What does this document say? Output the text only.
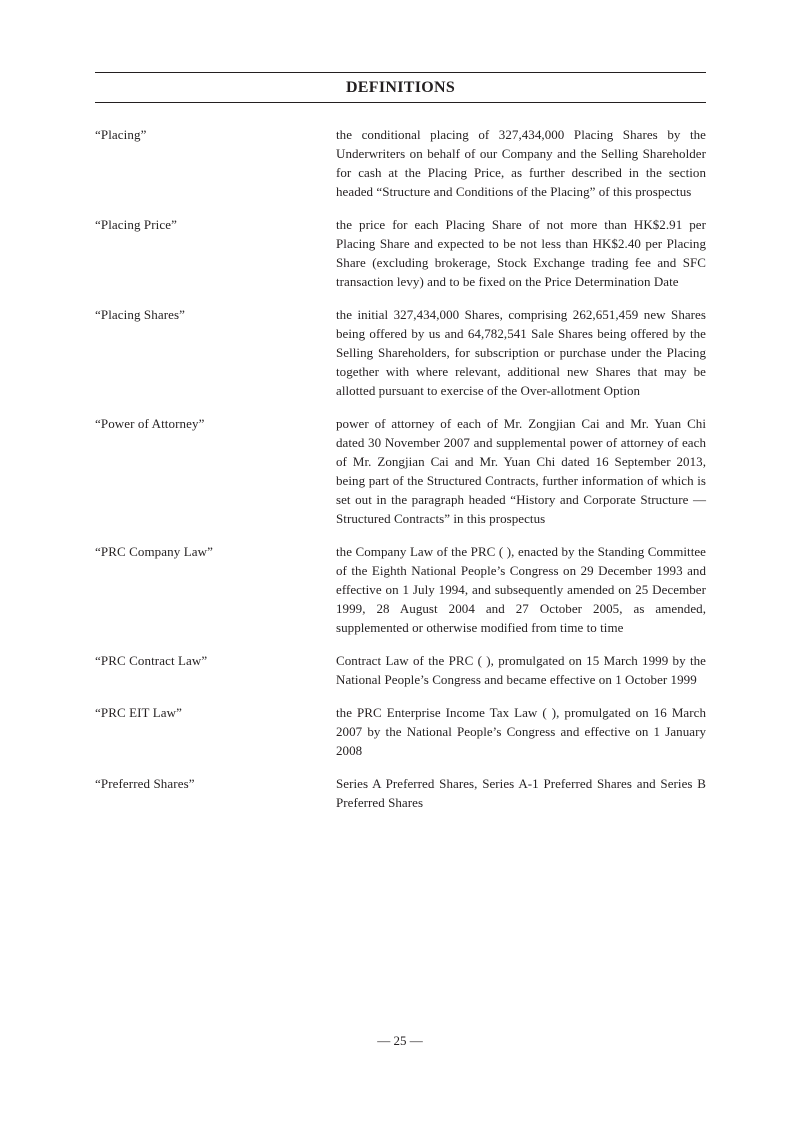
DEFINITIONS
“Placing”	the conditional placing of 327,434,000 Placing Shares by the Underwriters on behalf of our Company and the Selling Shareholder for cash at the Placing Price, as further described in the section headed “Structure and Conditions of the Placing” of this prospectus
“Placing Price”	the price for each Placing Share of not more than HK$2.91 per Placing Share and expected to be not less than HK$2.40 per Placing Share (excluding brokerage, Stock Exchange trading fee and SFC transaction levy) and to be fixed on the Price Determination Date
“Placing Shares”	the initial 327,434,000 Shares, comprising 262,651,459 new Shares being offered by us and 64,782,541 Sale Shares being offered by the Selling Shareholders, for subscription or purchase under the Placing together with where relevant, additional new Shares that may be allotted pursuant to exercise of the Over-allotment Option
“Power of Attorney”	power of attorney of each of Mr. Zongjian Cai and Mr. Yuan Chi dated 30 November 2007 and supplemental power of attorney of each of Mr. Zongjian Cai and Mr. Yuan Chi dated 16 September 2013, being part of the Structured Contracts, further information of which is set out in the paragraph headed “History and Corporate Structure — Structured Contracts” in this prospectus
“PRC Company Law”	the Company Law of the PRC ( ), enacted by the Standing Committee of the Eighth National People’s Congress on 29 December 1993 and effective on 1 July 1994, and subsequently amended on 25 December 1999, 28 August 2004 and 27 October 2005, as amended, supplemented or otherwise modified from time to time
“PRC Contract Law”	Contract Law of the PRC ( ), promulgated on 15 March 1999 by the National People’s Congress and became effective on 1 October 1999
“PRC EIT Law”	the PRC Enterprise Income Tax Law ( ), promulgated on 16 March 2007 by the National People’s Congress and effective on 1 January 2008
“Preferred Shares”	Series A Preferred Shares, Series A-1 Preferred Shares and Series B Preferred Shares
— 25 —
